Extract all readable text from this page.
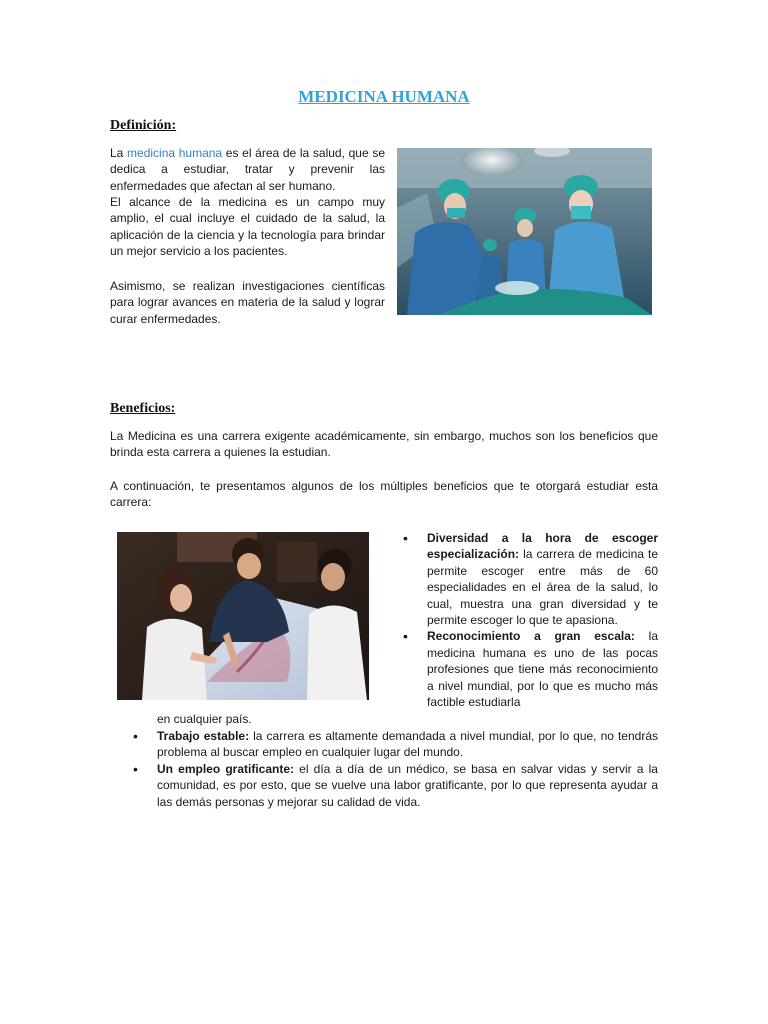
MEDICINA HUMANA
Definición:

La medicina humana es el área de la salud, que se dedica a estudiar, tratar y prevenir las enfermedades que afectan al ser humano.

El alcance de la medicina es un campo muy amplio, el cual incluye el cuidado de la salud, la aplicación de la ciencia y la tecnología para brindar un mejor servicio a los pacientes.

Asimismo, se realizan investigaciones científicas para lograr avances en materia de la salud y lograr curar enfermedades.

Beneficios:

La Medicina es una carrera exigente académicamente, sin embargo, muchos son los beneficios que brinda esta carrera a quienes la estudian.

A continuación, te presentamos algunos de los múltiples beneficios que te otorgará estudiar esta carrera:

• Diversidad a la hora de escoger especialización: la carrera de medicina te permite escoger entre más de 60 especialidades en el área de la salud, lo cual, muestra una gran diversidad y te permite escoger lo que te apasiona.
• Reconocimiento a gran escala: la medicina humana es uno de las pocas profesiones que tiene más reconocimiento a nivel mundial, por lo que es mucho más factible estudiarla

en cualquier país.

• Trabajo estable: la carrera es altamente demandada a nivel mundial, por lo que, no tendrás problema al buscar empleo en cualquier lugar del mundo.
• Un empleo gratificante: el día a día de un médico, se basa en salvar vidas y servir a la comunidad, es por esto, que se vuelve una labor gratificante, por lo que representa ayudar a las demás personas y mejorar su calidad de vida.
